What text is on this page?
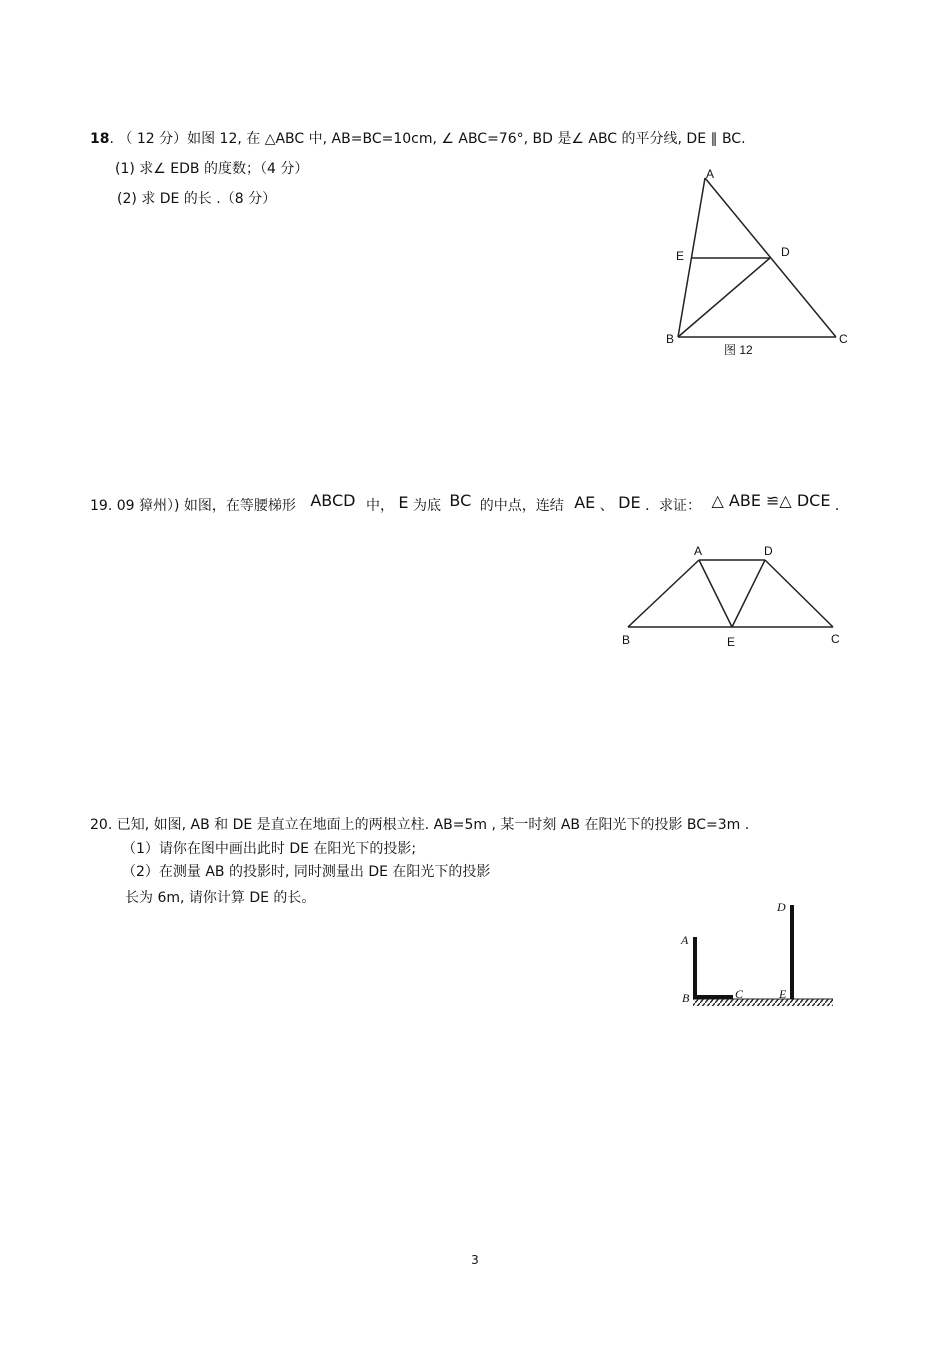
18. （ 12 分）如图 12, 在 △ABC 中, AB=BC=10cm, ∠ ABC=76°, BD 是∠ ABC 的平分线, DE ∥ BC.
(1) 求∠ EDB 的度数；（4 分）
(2) 求 DE 的长 .（8 分）
A
E	D
B	C
图 12
19. 09 獐州）) 如图，在等腰梯形 ABCD 中， E 为底 BC 的中点，连结 AE 、 DE ．求证： △ ABE ≌△ DCE ．
A	D
B	E	C
20. 已知, 如图, AB 和 DE 是直立在地面上的两根立柱. AB=5m , 某一时刻 AB 在阳光下的投影 BC=3m .
（1）请你在图中画出此时 DE 在阳光下的投影;
（2）在测量 AB 的投影时, 同时测量出 DE 在阳光下的投影
长为 6m, 请你计算 DE 的长。
A
B	C
D
E
3
